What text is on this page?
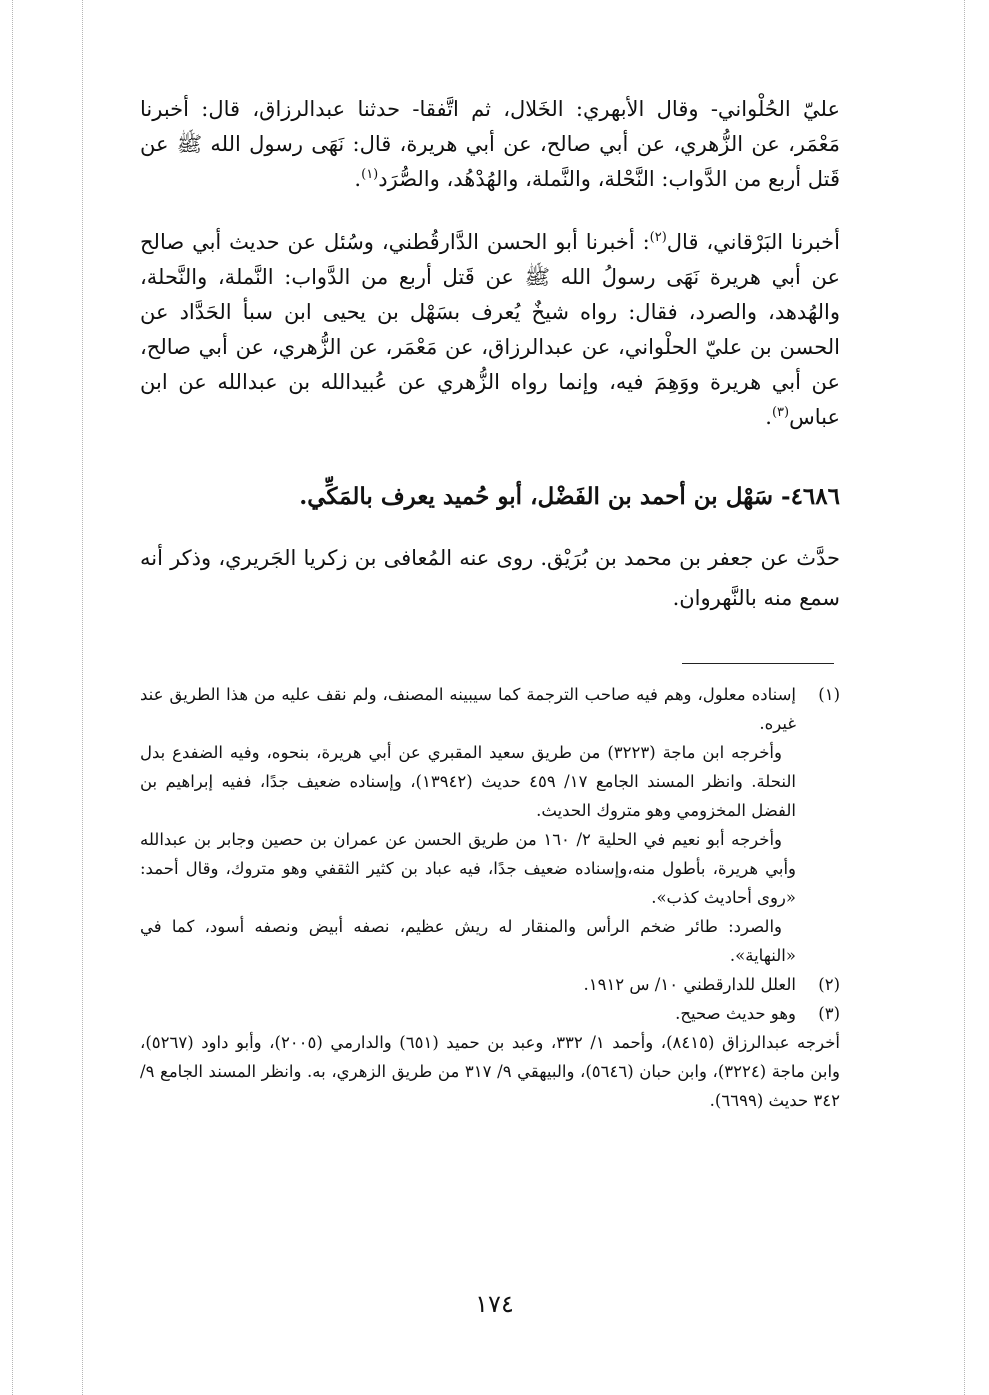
عليّ الحُلْواني- وقال الأبهري: الخَلال، ثم اتَّفقا- حدثنا عبدالرزاق، قال: أخبرنا مَعْمَر، عن الزُّهري، عن أبي صالح، عن أبي هريرة، قال: نَهَى رسول الله ﷺ عن قَتل أربع من الدَّواب: النَّحْلة، والنَّملة، والهُدْهُد، والصُّرَد$^{(١)}$.
أخبرنا البَرْقاني، قال$^{(٢)}$: أخبرنا أبو الحسن الدَّارقُطني، وسُئل عن حديث أبي صالح عن أبي هريرة نَهَى رسولُ الله ﷺ عن قَتل أربع من الدَّواب: النَّملة، والنَّحلة، والهُدهد، والصرد، فقال: رواه شيخٌ يُعرف بسَهْل بن يحيى ابن سبأ الحَدَّاد عن الحسن بن عليّ الحلْواني، عن عبدالرزاق، عن مَعْمَر، عن الزُّهري، عن أبي صالح، عن أبي هريرة ووَهِمَ فيه، وإنما رواه الزُّهري عن عُبيدالله بن عبدالله عن ابن عباس$^{(٣)}$.
٤٦٨٦- سَهْل بن أحمد بن الفَضْل، أبو حُميد يعرف بالمَكِّي.
حدَّث عن جعفر بن محمد بن بُرَيْق. روى عنه المُعافى بن زكريا الجَريري، وذكر أنه سمع منه بالنَّهروان.
(١)
إسناده معلول، وهم فيه صاحب الترجمة كما سيبينه المصنف، ولم نقف عليه من هذا الطريق عند غيره.
وأخرجه ابن ماجة (٣٢٢٣) من طريق سعيد المقبري عن أبي هريرة، بنحوه، وفيه الضفدع بدل النحلة. وانظر المسند الجامع ١٧/ ٤٥٩ حديث (١٣٩٤٢)، وإسناده ضعيف جدًا، ففيه إبراهيم بن الفضل المخزومي وهو متروك الحديث.
وأخرجه أبو نعيم في الحلية ٢/ ١٦٠ من طريق الحسن عن عمران بن حصين وجابر بن عبدالله وأبي هريرة، بأطول منه،وإسناده ضعيف جدًا، فيه عباد بن كثير الثقفي وهو متروك، وقال أحمد: «روى أحاديث كذب».
والصرد: طائر ضخم الرأس والمنقار له ريش عظيم، نصفه أبيض ونصفه أسود، كما في «النهاية».
(٢)
العلل للدارقطني ١٠/ س ١٩١٢.
(٣)
وهو حديث صحيح.
أخرجه عبدالرزاق (٨٤١٥)، وأحمد ١/ ٣٣٢، وعبد بن حميد (٦٥١) والدارمي (٢٠٠٥)، وأبو داود (٥٢٦٧)، وابن ماجة (٣٢٢٤)، وابن حبان (٥٦٤٦)، والبيهقي ٩/ ٣١٧ من طريق الزهري، به. وانظر المسند الجامع ٩/ ٣٤٢ حديث (٦٦٩٩).
١٧٤
